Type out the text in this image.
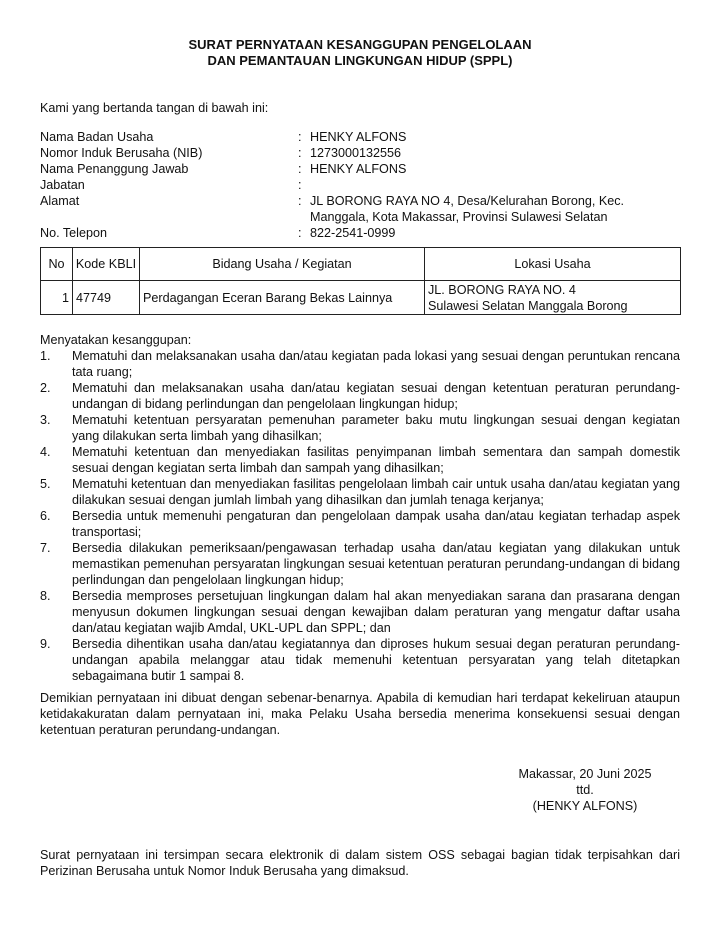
SURAT PERNYATAAN KESANGGUPAN PENGELOLAAN
DAN PEMANTAUAN LINGKUNGAN HIDUP (SPPL)
Kami yang bertanda tangan di bawah ini:
Nama Badan Usaha	: HENKY ALFONS
Nomor Induk Berusaha (NIB)	: 1273000132556
Nama Penanggung Jawab	: HENKY ALFONS
Jabatan	:
Alamat	: JL BORONG RAYA NO 4, Desa/Kelurahan Borong, Kec.
Manggala, Kota Makassar, Provinsi Sulawesi Selatan
No. Telepon	: 822-2541-0999
No	Kode KBLI	Bidang Usaha / Kegiatan	Lokasi Usaha
1	47749	Perdagangan Eceran Barang Bekas Lainnya	JL. BORONG RAYA NO. 4
Sulawesi Selatan Manggala Borong
Menyatakan kesanggupan:
1.	Mematuhi dan melaksanakan usaha dan/atau kegiatan pada lokasi yang sesuai dengan peruntukan rencana tata ruang;
2.	Mematuhi dan melaksanakan usaha dan/atau kegiatan sesuai dengan ketentuan peraturan perundang-undangan di bidang perlindungan dan pengelolaan lingkungan hidup;
3.	Mematuhi ketentuan persyaratan pemenuhan parameter baku mutu lingkungan sesuai dengan kegiatan yang dilakukan serta limbah yang dihasilkan;
4.	Mematuhi ketentuan dan menyediakan fasilitas penyimpanan limbah sementara dan sampah domestik sesuai dengan kegiatan serta limbah dan sampah yang dihasilkan;
5.	Mematuhi ketentuan dan menyediakan fasilitas pengelolaan limbah cair untuk usaha dan/atau kegiatan yang dilakukan sesuai dengan jumlah limbah yang dihasilkan dan jumlah tenaga kerjanya;
6.	Bersedia untuk memenuhi pengaturan dan pengelolaan dampak usaha dan/atau kegiatan terhadap aspek transportasi;
7.	Bersedia dilakukan pemeriksaan/pengawasan terhadap usaha dan/atau kegiatan yang dilakukan untuk memastikan pemenuhan persyaratan lingkungan sesuai ketentuan peraturan perundang-undangan di bidang perlindungan dan pengelolaan lingkungan hidup;
8.	Bersedia memproses persetujuan lingkungan dalam hal akan menyediakan sarana dan prasarana dengan menyusun dokumen lingkungan sesuai dengan kewajiban dalam peraturan yang mengatur daftar usaha dan/atau kegiatan wajib Amdal, UKL-UPL dan SPPL; dan
9.	Bersedia dihentikan usaha dan/atau kegiatannya dan diproses hukum sesuai degan peraturan perundang-undangan apabila melanggar atau tidak memenuhi ketentuan persyaratan yang telah ditetapkan sebagaimana butir 1 sampai 8.
Demikian pernyataan ini dibuat dengan sebenar-benarnya. Apabila di kemudian hari terdapat kekeliruan ataupun ketidakakuratan dalam pernyataan ini, maka Pelaku Usaha bersedia menerima konsekuensi sesuai dengan ketentuan peraturan perundang-undangan.
Makassar, 20 Juni 2025
ttd.
(HENKY ALFONS)
Surat pernyataan ini tersimpan secara elektronik di dalam sistem OSS sebagai bagian tidak terpisahkan dari Perizinan Berusaha untuk Nomor Induk Berusaha yang dimaksud.
